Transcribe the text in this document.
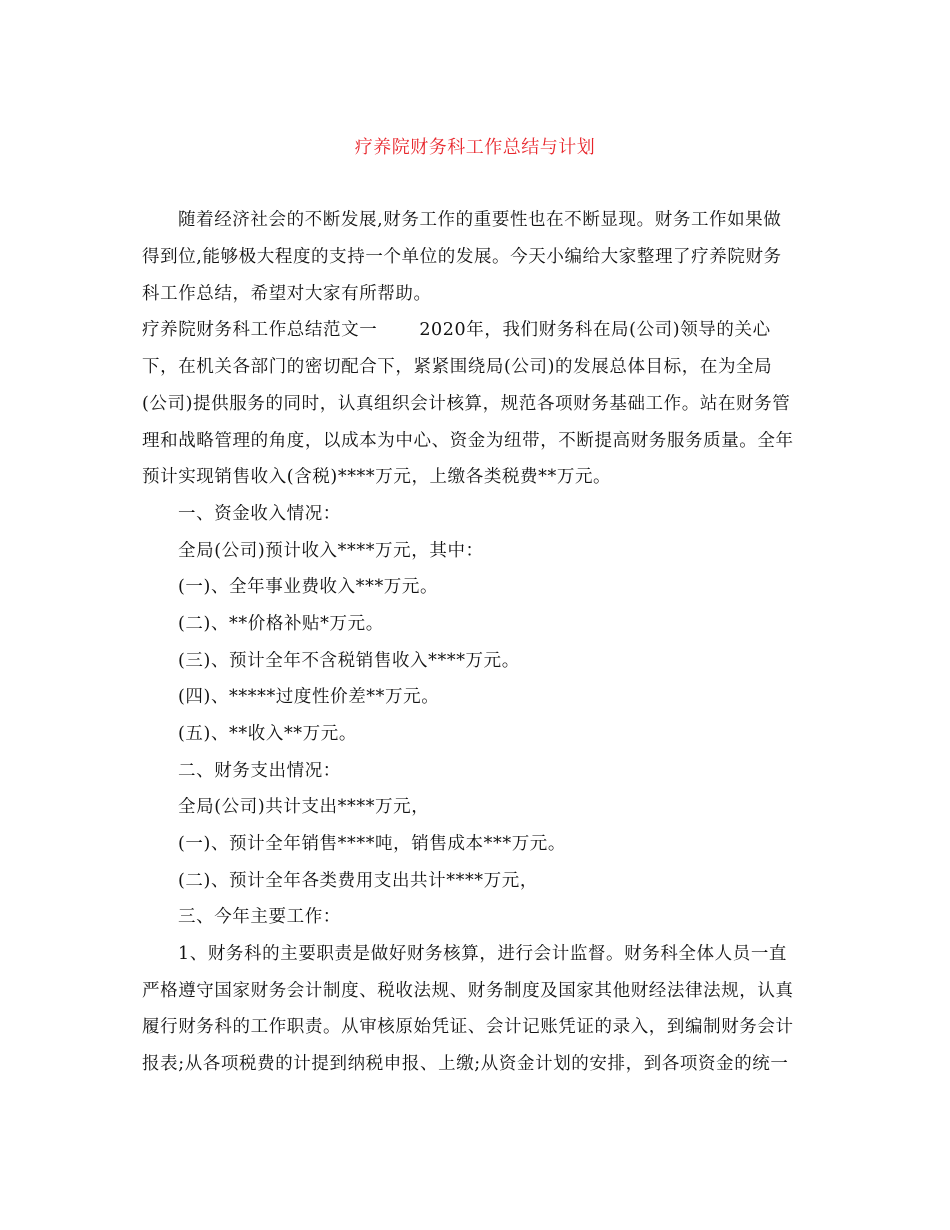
疗养院财务科工作总结与计划
随着经济社会的不断发展,财务工作的重要性也在不断显现。财务工作如果做
得到位,能够极大程度的支持一个单位的发展。今天小编给大家整理了疗养院财务
科工作总结，希望对大家有所帮助。
疗养院财务科工作总结范文一 2020年，我们财务科在局(公司)领导的关心
下，在机关各部门的密切配合下，紧紧围绕局(公司)的发展总体目标，在为全局
(公司)提供服务的同时，认真组织会计核算，规范各项财务基础工作。站在财务管
理和战略管理的角度，以成本为中心、资金为纽带，不断提高财务服务质量。全年
预计实现销售收入(含税)****万元，上缴各类税费**万元。
一、资金收入情况：
全局(公司)预计收入****万元，其中：
(一)、全年事业费收入***万元。
(二)、**价格补贴*万元。
(三)、预计全年不含税销售收入****万元。
(四)、*****过度性价差**万元。
(五)、**收入**万元。
二、财务支出情况：
全局(公司)共计支出****万元，
(一)、预计全年销售****吨，销售成本***万元。
(二)、预计全年各类费用支出共计****万元，
三、今年主要工作：
1、财务科的主要职责是做好财务核算，进行会计监督。财务科全体人员一直
严格遵守国家财务会计制度、税收法规、财务制度及国家其他财经法律法规，认真
履行财务科的工作职责。从审核原始凭证、会计记账凭证的录入，到编制财务会计
报表;从各项税费的计提到纳税申报、上缴;从资金计划的安排，到各项资金的统一
